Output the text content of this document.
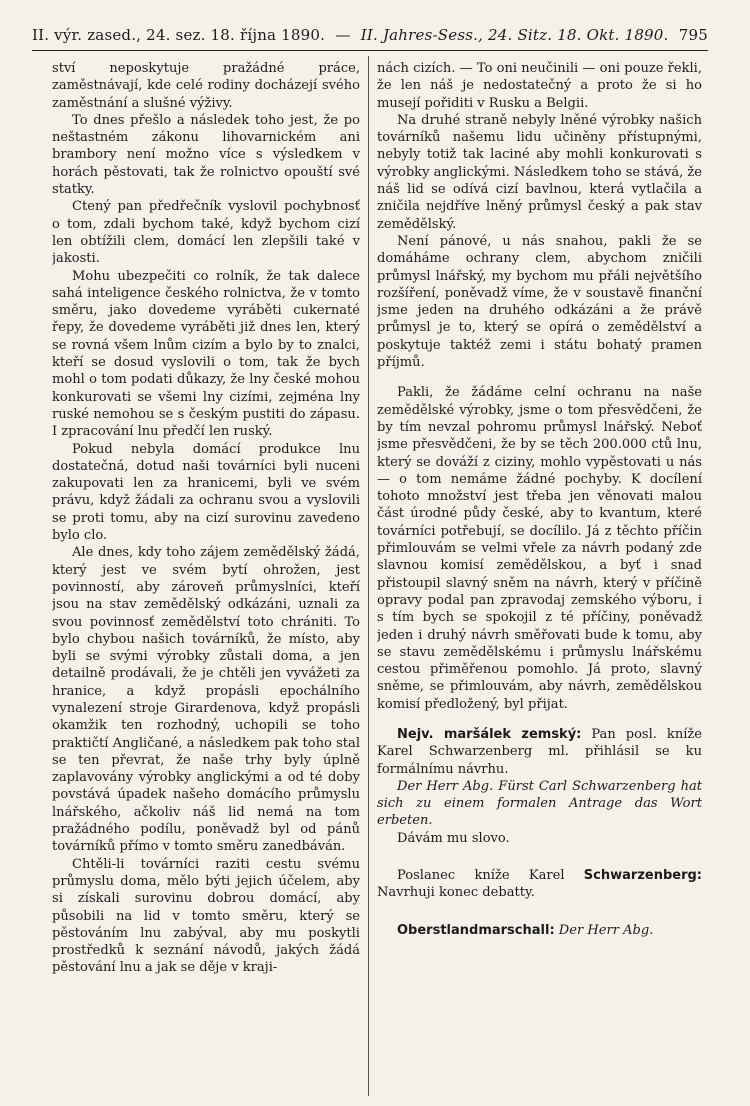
II. výr. zased., 24. sez. 18. října 1890. — II. Jahres-Sess., 24. Sitz. 18. Okt. 1890. 795

ství neposkytuje pražádné práce, zaměstnávají, kde celé rodiny docházejí svého zaměstnání a slušné výživy.

To dnes přešlo a následek toho jest, že po neštastném zákonu lihovarnickém ani brambory není možno více s výsledkem v horách pěstovati, tak že rolnictvo opouští své statky.

Ctený pan předřečník vyslovil pochybnosť o tom, zdali bychom také, když bychom cizí len obtížili clem, domácí len zlepšili také v jakosti.

Mohu ubezpečiti co rolník, že tak dalece sahá inteligence českého rolnictva, že v tomto směru, jako dovedeme vyráběti cukernaté řepy, že dovedeme vyráběti již dnes len, který se rovná všem lnům cizím a bylo by to znalci, kteří se dosud vyslovili o tom, tak že bych mohl o tom podati důkazy, že lny české mohou konkurovati se všemi lny cizími, zejména lny ruské nemohou se s českým pustiti do zápasu. I zpracování lnu předčí len ruský.

Pokud nebyla domácí produkce lnu dostatečná, dotud naši továrníci byli nuceni zakupovati len za hranicemi, byli ve svém právu, když žádali za ochranu svou a vyslovili se proti tomu, aby na cizí surovinu zavedeno bylo clo.

Ale dnes, kdy toho zájem zemědělský žádá, který jest ve svém bytí ohrožen, jest povinností, aby zároveň průmyslníci, kteří jsou na stav zemědělský odkázáni, uznali za svou povinnosť zemědělství toto chrániti. To bylo chybou našich továrníků, že místo, aby byli se svými výrobky zůstali doma, a jen detailně prodávali, že je chtěli jen vyvážeti za hranice, a když propásli epochálního vynalezení stroje Girardenova, když propásli okamžik ten rozhodný, uchopili se toho praktičtí Angličané, a následkem pak toho stal se ten převrat, že naše trhy byly úplně zaplavovány výrobky anglickými a od té doby povstává úpadek našeho domácího průmyslu lnářského, ačkoliv náš lid nemá na tom pražádného podílu, poněvadž byl od pánů továrníků přímo v tomto směru zanedbáván.

Chtěli-li továrníci raziti cestu svému průmyslu doma, mělo býti jejich účelem, aby si získali surovinu dobrou domácí, aby působili na lid v tomto směru, který se pěstováním lnu zabýval, aby mu poskytli prostředků k seznání návodů, jakých žádá pěstování lnu a jak se děje v kraji-

nách cizích. — To oni neučinili — oni pouze řekli, že len náš je nedostatečný a proto že si ho musejí pořiditi v Rusku a Belgii.

Na druhé straně nebyly lněné výrobky našich továrníků našemu lidu učiněny přístupnými, nebyly totiž tak laciné aby mohli konkurovati s výrobky anglickými. Následkem toho se stává, že náš lid se odívá cizí bavlnou, která vytlačila a zničila nejdříve lněný průmysl český a pak stav zemědělský.

Není pánové, u nás snahou, pakli že se domáháme ochrany clem, abychom zničili průmysl lnářský, my bychom mu přáli největšího rozšíření, poněvadž víme, že v soustavě finanční jsme jeden na druhého odkázáni a že právě průmysl je to, který se opírá o zemědělství a poskytuje taktéž zemi i státu bohatý pramen příjmů.

Pakli, že žádáme celní ochranu na naše zemědělské výrobky, jsme o tom přesvědčeni, že by tím nevzal pohromu průmysl lnářský. Neboť jsme přesvědčeni, že by se těch 200.000 ctů lnu, který se dováží z ciziny, mohlo vypěstovati u nás — o tom nemáme žádné pochyby. K docílení tohoto množství jest třeba jen věnovati malou část úrodné půdy české, aby to kvantum, které továrníci potřebují, se docílilo. Já z těchto příčin přimlouvám se velmi vřele za návrh podaný zde slavnou komisí zemědělskou, a byť i snad přistoupil slavný sněm na návrh, který v příčině opravy podal pan zpravodaj zemského výboru, i s tím bych se spokojil z té příčiny, poněvadž jeden i druhý návrh směřovati bude k tomu, aby se stavu zemědělskému i průmyslu lnářskému cestou přiměřenou pomohlo. Já proto, slavný sněme, se přimlouvám, aby návrh, zemědělskou komisí předložený, byl přijat.

Nejv. maršálek zemský: Pan posl. kníže Karel Schwarzenberg ml. přihlásil se ku formálnímu návrhu.

Der Herr Abg. Fürst Carl Schwarzenberg hat sich zu einem formalen Antrage das Wort erbeten.

Dávám mu slovo.

Poslanec kníže Karel Schwarzenberg: Navrhuji konec debatty.

Oberstlandmarschall: Der Herr Abg.
